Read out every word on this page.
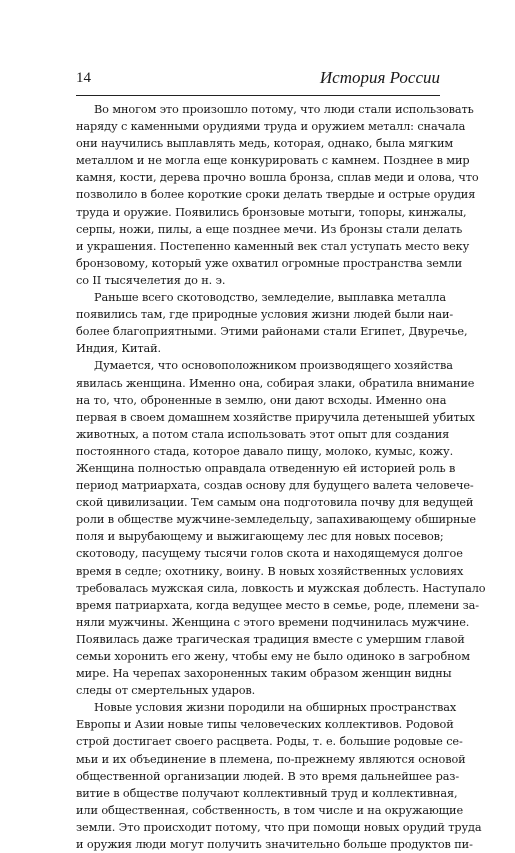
14	История России
Во многом это произошло потому, что люди стали использовать
наряду с каменными орудиями труда и оружием металл: сначала
они научились выплавлять медь, которая, однако, была мягким
металлом и не могла еще конкурировать с камнем. Позднее в мир
камня, кости, дерева прочно вошла бронза, сплав меди и олова, что
позволило в более короткие сроки делать твердые и острые орудия
труда и оружие. Появились бронзовые мотыги, топоры, кинжалы,
серпы, ножи, пилы, а еще позднее мечи. Из бронзы стали делать
и украшения. Постепенно каменный век стал уступать место веку
бронзовому, который уже охватил огромные пространства земли
со II тысячелетия до н. э.
Раньше всего скотоводство, земледелие, выплавка металла
появились там, где природные условия жизни людей были наи-
более благоприятными. Этими районами стали Египет, Двуречье,
Индия, Китай.
Думается, что основоположником производящего хозяйства
явилась женщина. Именно она, собирая злаки, обратила внимание
на то, что, оброненные в землю, они дают всходы. Именно она
первая в своем домашнем хозяйстве приручила детенышей убитых
животных, а потом стала использовать этот опыт для создания
постоянного стада, которое давало пищу, молоко, кумыс, кожу.
Женщина полностью оправдала отведенную ей историей роль в
период матриархата, создав основу для будущего валета человече-
ской цивилизации. Тем самым она подготовила почву для ведущей
роли в обществе мужчине-земледельцу, запахивающему обширные
поля и вырубающему и выжигающему лес для новых посевов;
скотоводу, пасущему тысячи голов скота и находящемуся долгое
время в седле; охотнику, воину. В новых хозяйственных условиях
требовалась мужская сила, ловкость и мужская доблесть. Наступало
время патриархата, когда ведущее место в семье, роде, племени за-
няли мужчины. Женщина с этого времени подчинилась мужчине.
Появилась даже трагическая традиция вместе с умершим главой
семьи хоронить его жену, чтобы ему не было одиноко в загробном
мире. На черепах захороненных таким образом женщин видны
следы от смертельных ударов.
Новые условия жизни породили на обширных пространствах
Европы и Азии новые типы человеческих коллективов. Родовой
строй достигает своего расцвета. Роды, т. е. большие родовые се-
мьи и их объединение в племена, по-прежнему являются основой
общественной организации людей. В это время дальнейшее раз-
витие в обществе получают коллективный труд и коллективная,
или общественная, собственность, в том числе и на окружающие
земли. Это происходит потому, что при помощи новых орудий труда
и оружия люди могут получить значительно больше продуктов пи-
